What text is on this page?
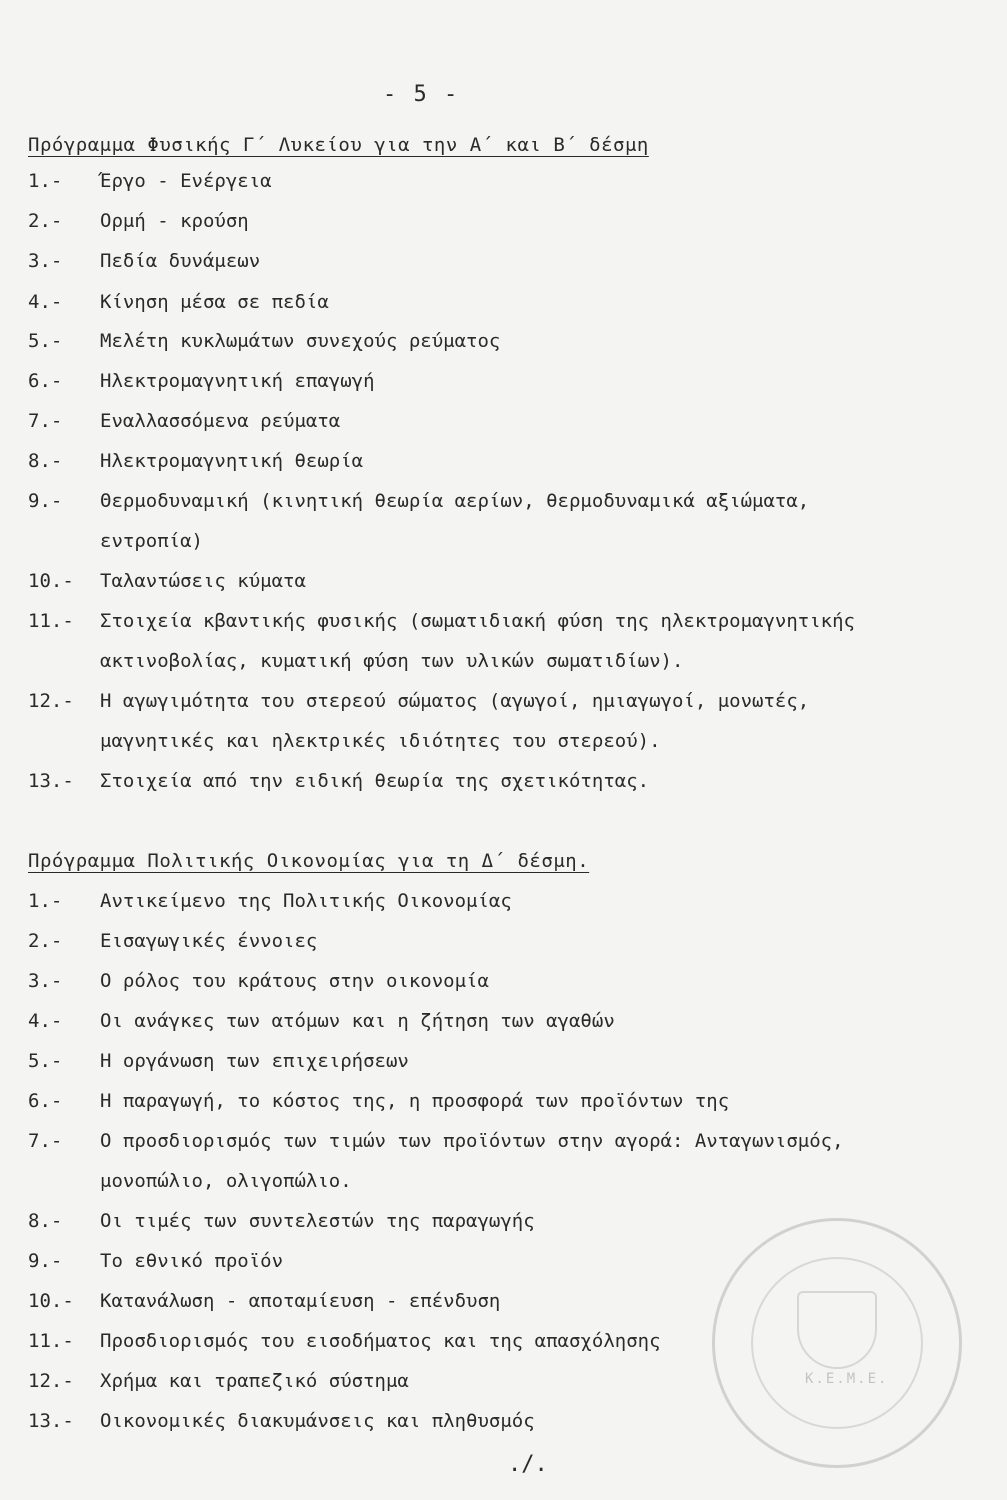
- 5 -
Πρόγραμμα Φυσικής Γ΄ Λυκείου για την Α΄ και Β΄ δέσμη
1.- Έργο - Ενέργεια
2.- Ορμή - κρούση
3.- Πεδία δυνάμεων
4.- Κίνηση μέσα σε πεδία
5.- Μελέτη κυκλωμάτων συνεχούς ρεύματος
6.- Ηλεκτρομαγνητική επαγωγή
7.- Εναλλασσόμενα ρεύματα
8.- Ηλεκτρομαγνητική θεωρία
9.- Θερμοδυναμική (κινητική θεωρία αερίων, θερμοδυναμικά αξιώματα,
εντροπία)
10.- Ταλαντώσεις κύματα
11.- Στοιχεία κβαντικής φυσικής (σωματιδιακή φύση της ηλεκτρομαγνητικής
ακτινοβολίας, κυματική φύση των υλικών σωματιδίων).
12.- Η αγωγιμότητα του στερεού σώματος (αγωγοί, ημιαγωγοί, μονωτές,
μαγνητικές και ηλεκτρικές ιδιότητες του στερεού).
13.- Στοιχεία από την ειδική θεωρία της σχετικότητας.
Πρόγραμμα Πολιτικής Οικονομίας για τη Δ΄ δέσμη.
1.- Αντικείμενο της Πολιτικής Οικονομίας
2.- Εισαγωγικές έννοιες
3.- Ο ρόλος του κράτους στην οικονομία
4.- Οι ανάγκες των ατόμων και η ζήτηση των αγαθών
5.- Η οργάνωση των επιχειρήσεων
6.- Η παραγωγή, το κόστος της, η προσφορά των προϊόντων της
7.- Ο προσδιορισμός των τιμών των προϊόντων στην αγορά: Ανταγωνισμός,
μονοπώλιο, ολιγοπώλιο.
8.- Οι τιμές των συντελεστών της παραγωγής
9.- Το εθνικό προϊόν
10.- Κατανάλωση - αποταμίευση - επένδυση
11.- Προσδιορισμός του εισοδήματος και της απασχόλησης
12.- Χρήμα και τραπεζικό σύστημα
13.- Οικονομικές διακυμάνσεις και πληθυσμός
./.
Κ.Ε.Μ.Ε.
